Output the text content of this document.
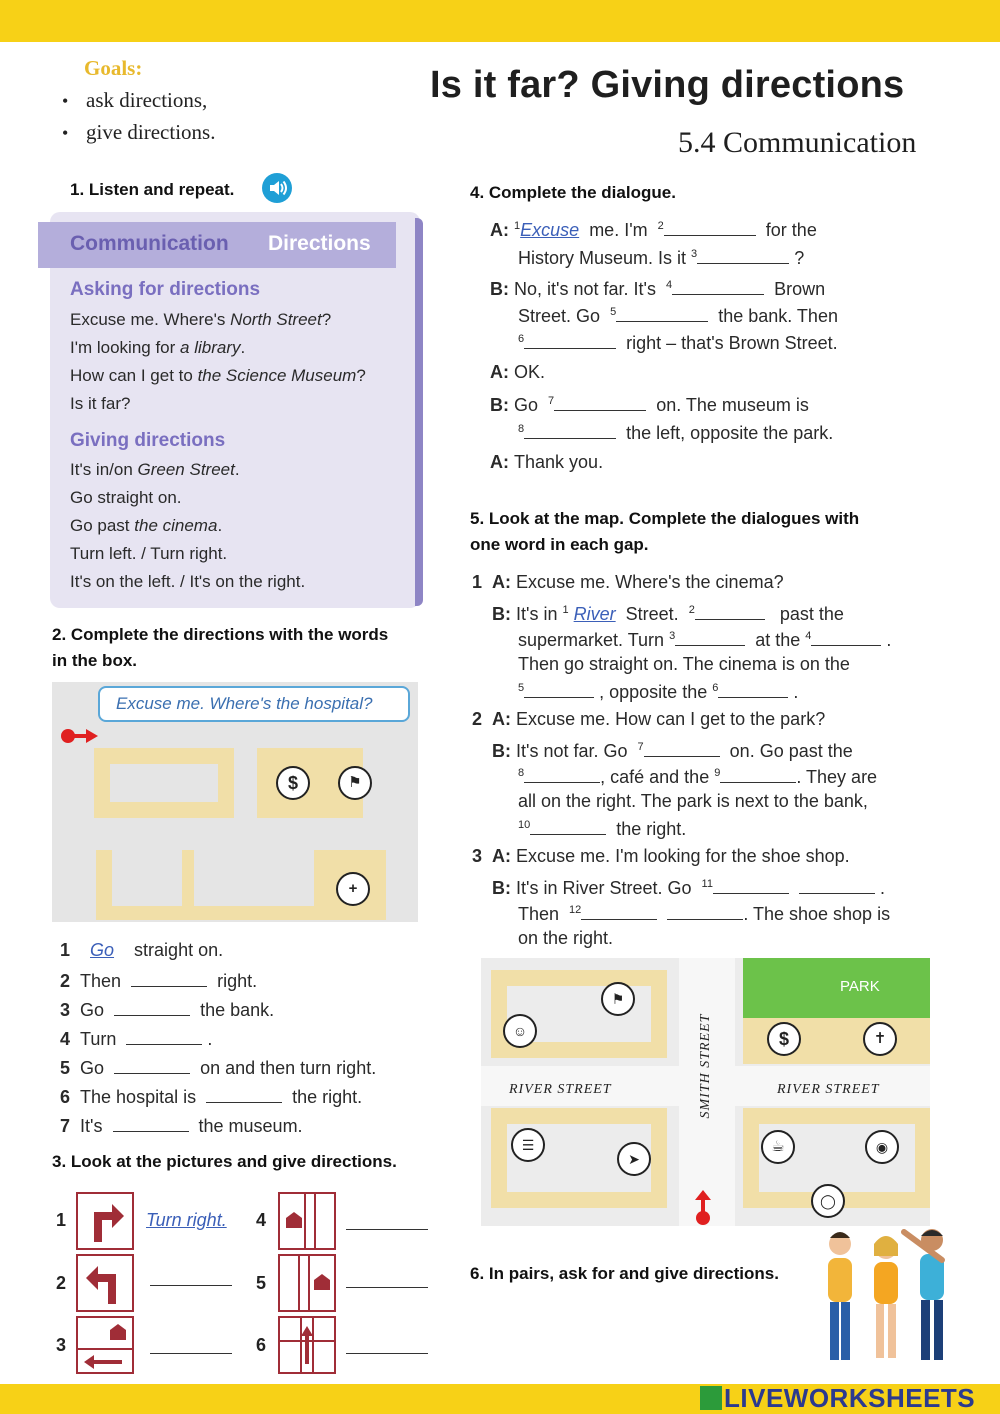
Goals:
• ask directions,
• give directions.
Is it far? Giving directions
5.4 Communication
1. Listen and repeat.
Communication Directions
Asking for directions
Excuse me. Where's North Street?
I'm looking for a library.
How can I get to the Science Museum?
Is it far?
Giving directions
It's in/on Green Street.
Go straight on.
Go past the cinema.
Turn left. / Turn right.
It's on the left. / It's on the right.
2. Complete the directions with the words
in the box.
$	⚑
+
Excuse me. Where's the hospital?
1 Go straight on.
2 Then	right.
3 Go	the bank.
4 Turn	.
5 Go	on and then turn right.
6 The hospital is	the right.
7 It's	the museum.
3. Look at the pictures and give directions.
1	Turn right.
2
3
4
5
6
4. Complete the dialogue.
A: $^1$Excuse me. I'm $^2$	for the
History Museum. Is it $^3$	?
B: No, it's not far. It's $^4$	Brown
Street. Go $^5$	the bank. Then
$^6$	right – that's Brown Street.
A: OK.
B: Go $^7$	on. The museum is
$^8$	the left, opposite the park.
A: Thank you.
5. Look at the map. Complete the dialogues with
one word in each gap.
1 A: Excuse me. Where's the cinema?
B: It's in $^1$ River Street. $^2$	past the
supermarket. Turn $^3$	at the $^4$	.
Then go straight on. The cinema is on the
$^5$	, opposite the $^6$	.
2 A: Excuse me. How can I get to the park?
B: It's not far. Go $^7$	on. Go past the
$^8$	, café and the $^9$	. They are
all on the right. The park is next to the bank,
$^{10}$	the right.
3 A: Excuse me. I'm looking for the shoe shop.
B: It's in River Street. Go $^{11}$	.
Then $^{12}$	. The shoe shop is
on the right.
PARK
RIVER STREET	RIVER STREET
SMITH STREET
⚑
☺	$	✝
☰
➤
☕	◉
◯
6. In pairs, ask for and give directions.
LIVEWORKSHEETS
